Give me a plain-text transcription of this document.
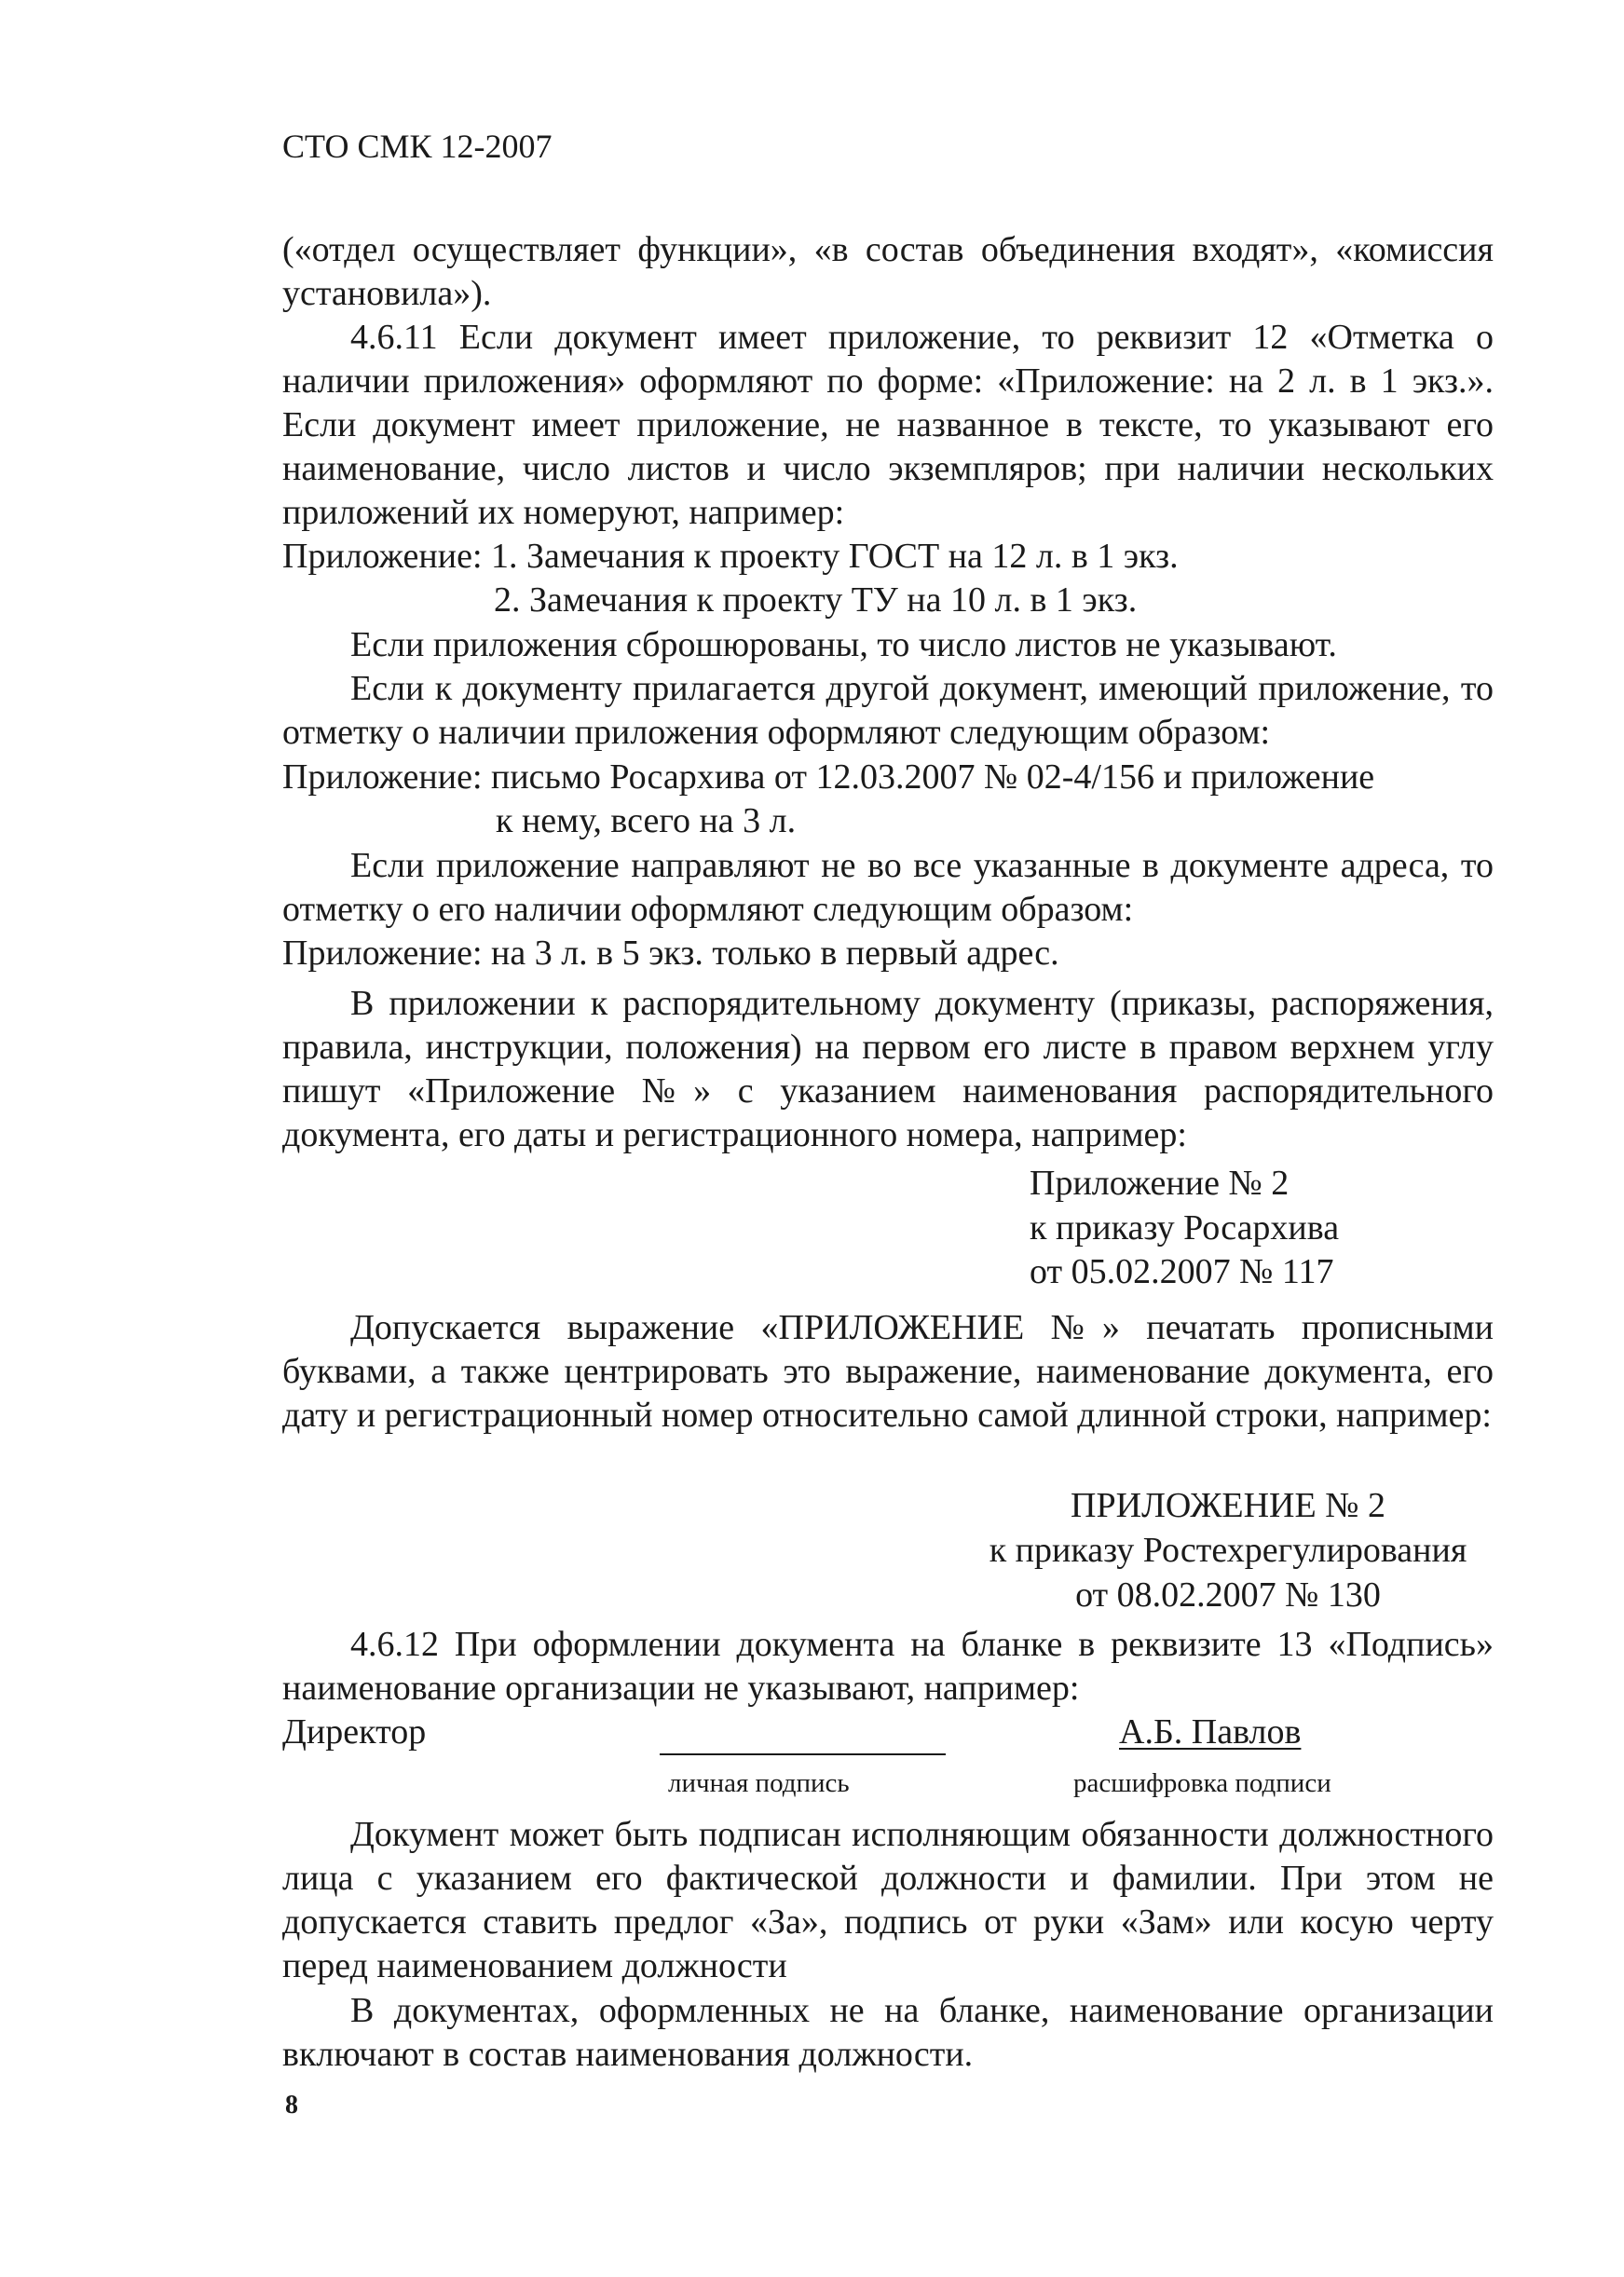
СТО СМК 12-2007

(«отдел осуществляет функции», «в состав объединения входят», «комиссия установила»).

4.6.11 Если документ имеет приложение, то реквизит 12 «Отметка о наличии приложения» оформляют по форме: «Приложение: на 2 л. в 1 экз.». Если документ имеет приложение, не названное в тексте, то указывают его наименование, число листов и число экземпляров; при наличии нескольких приложений их номеруют, например:

Приложение: 1. Замечания к проекту ГОСТ на 12 л. в 1 экз.

2. Замечания к проекту ТУ на 10 л. в 1 экз.

Если приложения сброшюрованы, то число листов не указывают.

Если к документу прилагается другой документ, имеющий приложение, то отметку о наличии приложения оформляют следующим образом:

Приложение: письмо Росархива от 12.03.2007 № 02-4/156 и приложение

к нему, всего на 3 л.

Если приложение направляют не во все указанные в документе адреса, то отметку о его наличии оформляют следующим образом:

Приложение: на 3 л. в 5 экз. только в первый адрес.

В приложении к распорядительному документу (приказы, распоряжения, правила, инструкции, положения) на первом его листе в правом верхнем углу пишут «Приложение №» с указанием наименования распорядительного документа, его даты и регистрационного номера, например:

Приложение № 2

к приказу Росархива

от 05.02.2007 № 117

Допускается выражение «ПРИЛОЖЕНИЕ №» печатать прописными буквами, а также центрировать это выражение, наименование документа, его дату и регистрационный номер относительно самой длинной строки, например:

ПРИЛОЖЕНИЕ № 2
к приказу Ростехрегулирования
от 08.02.2007 № 130

4.6.12 При оформлении документа на бланке в реквизите 13 «Подпись» наименование организации не указывают, например:

Директор	А.Б. Павлов

личная подпись	расшифровка подписи

Документ может быть подписан исполняющим обязанности должностного лица с указанием его фактической должности и фамилии. При этом не допускается ставить предлог «За», подпись от руки «Зам» или косую черту перед наименованием должности

В документах, оформленных не на бланке, наименование организации включают в состав наименования должности.

8
